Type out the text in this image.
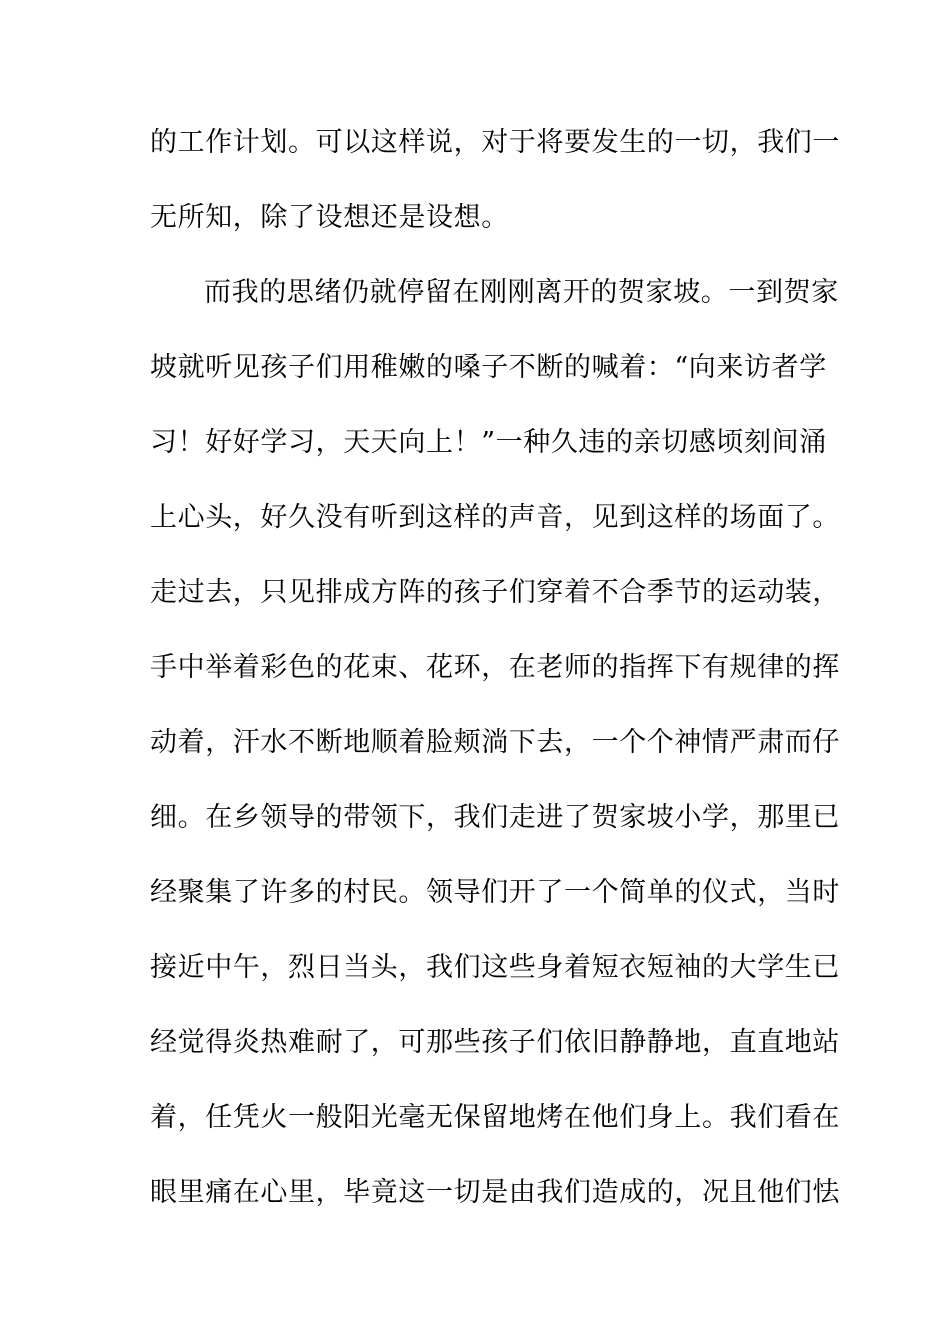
的工作计划。可以这样说，对于将要发生的一切，我们一
无所知，除了设想还是设想。
而我的思绪仍就停留在刚刚离开的贺家坡。一到贺家
坡就听见孩子们用稚嫩的嗓子不断的喊着：“向来访者学
习！好好学习，天天向上！”一种久违的亲切感顷刻间涌
上心头，好久没有听到这样的声音，见到这样的场面了。
走过去，只见排成方阵的孩子们穿着不合季节的运动装，
手中举着彩色的花束、花环，在老师的指挥下有规律的挥
动着，汗水不断地顺着脸颊淌下去，一个个神情严肃而仔
细。在乡领导的带领下，我们走进了贺家坡小学，那里已
经聚集了许多的村民。领导们开了一个简单的仪式，当时
接近中午，烈日当头，我们这些身着短衣短袖的大学生已
经觉得炎热难耐了，可那些孩子们依旧静静地，直直地站
着，任凭火一般阳光毫无保留地烤在他们身上。我们看在
眼里痛在心里，毕竟这一切是由我们造成的，况且他们怯
